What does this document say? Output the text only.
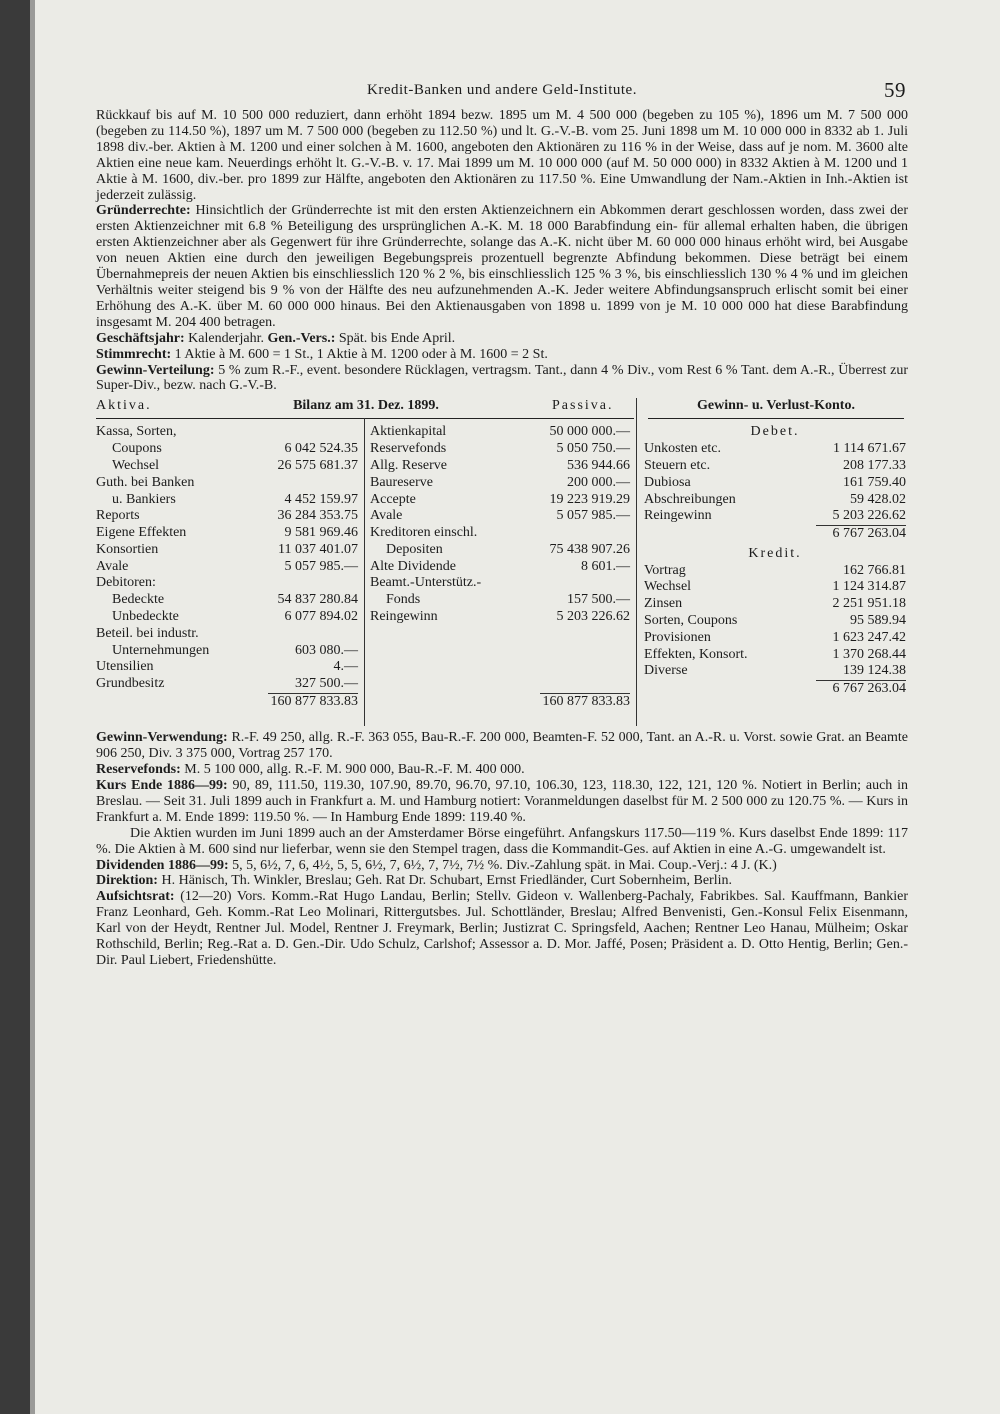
Kredit-Banken und andere Geld-Institute.	59

Rückkauf bis auf M. 10 500 000 reduziert, dann erhöht 1894 bezw. 1895 um M. 4 500 000 (begeben zu 105 %), 1896 um M. 7 500 000 (begeben zu 114.50 %), 1897 um M. 7 500 000 (begeben zu 112.50 %) und lt. G.-V.-B. vom 25. Juni 1898 um M. 10 000 000 in 8332 ab 1. Juli 1898 div.-ber. Aktien à M. 1200 und einer solchen à M. 1600, angeboten den Aktionären zu 116 % in der Weise, dass auf je nom. M. 3600 alte Aktien eine neue kam. Neuerdings erhöht lt. G.-V.-B. v. 17. Mai 1899 um M. 10 000 000 (auf M. 50 000 000) in 8332 Aktien à M. 1200 und 1 Aktie à M. 1600, div.-ber. pro 1899 zur Hälfte, angeboten den Aktionären zu 117.50 %. Eine Umwandlung der Nam.-Aktien in Inh.-Aktien ist jederzeit zulässig.

Gründerrechte: Hinsichtlich der Gründerrechte ist mit den ersten Aktienzeichnern ein Abkommen derart geschlossen worden, dass zwei der ersten Aktienzeichner mit 6.8 % Beteiligung des ursprünglichen A.-K. M. 18 000 Barabfindung ein- für allemal erhalten haben, die übrigen ersten Aktienzeichner aber als Gegenwert für ihre Gründerrechte, solange das A.-K. nicht über M. 60 000 000 hinaus erhöht wird, bei Ausgabe von neuen Aktien eine durch den jeweiligen Begebungspreis prozentuell begrenzte Abfindung bekommen. Diese beträgt bei einem Übernahmepreis der neuen Aktien bis einschliesslich 120 % 2 %, bis einschliesslich 125 % 3 %, bis einschliesslich 130 % 4 % und im gleichen Verhältnis weiter steigend bis 9 % von der Hälfte des neu aufzunehmenden A.-K. Jeder weitere Abfindungsanspruch erlischt somit bei einer Erhöhung des A.-K. über M. 60 000 000 hinaus. Bei den Aktienausgaben von 1898 u. 1899 von je M. 10 000 000 hat diese Barabfindung insgesamt M. 204 400 betragen.

Geschäftsjahr: Kalenderjahr. Gen.-Vers.: Spät. bis Ende April.

Stimmrecht: 1 Aktie à M. 600 = 1 St., 1 Aktie à M. 1200 oder à M. 1600 = 2 St.

Gewinn-Verteilung: 5 % zum R.-F., event. besondere Rücklagen, vertragsm. Tant., dann 4 % Div., vom Rest 6 % Tant. dem A.-R., Überrest zur Super-Div., bezw. nach G.-V.-B.

Aktiva.	Bilanz am 31. Dez. 1899.	Passiva.	Gewinn- u. Verlust-Konto.
Kassa, Sorten,
Coupons	6 042 524.35
Wechsel	26 575 681.37
Guth. bei Banken
u. Bankiers	4 452 159.97
Reports	36 284 353.75
Eigene Effekten	9 581 969.46
Konsortien	11 037 401.07
Avale	5 057 985.—
Debitoren:
Bedeckte	54 837 280.84
Unbedeckte	6 077 894.02
Beteil. bei industr.
Unternehmungen	603 080.—
Utensilien	4.—
Grundbesitz	327 500.—
160 877 833.83
Aktienkapital	50 000 000.—
Reservefonds	5 050 750.—
Allg. Reserve	536 944.66
Baureserve	200 000.—
Accepte	19 223 919.29
Avale	5 057 985.—
Kreditoren einschl.
Depositen	75 438 907.26
Alte Dividende	8 601.—
Beamt.-Unterstütz.-
Fonds	157 500.—
Reingewinn	5 203 226.62
160 877 833.83
Debet.
Unkosten etc.	1 114 671.67
Steuern etc.	208 177.33
Dubiosa	161 759.40
Abschreibungen	59 428.02
Reingewinn	5 203 226.62
6 767 263.04
Kredit.
Vortrag	162 766.81
Wechsel	1 124 314.87
Zinsen	2 251 951.18
Sorten, Coupons	95 589.94
Provisionen	1 623 247.42
Effekten, Konsort.	1 370 268.44
Diverse	139 124.38
6 767 263.04

Gewinn-Verwendung: R.-F. 49 250, allg. R.-F. 363 055, Bau-R.-F. 200 000, Beamten-F. 52 000, Tant. an A.-R. u. Vorst. sowie Grat. an Beamte 906 250, Div. 3 375 000, Vortrag 257 170.

Reservefonds: M. 5 100 000, allg. R.-F. M. 900 000, Bau-R.-F. M. 400 000.

Kurs Ende 1886—99: 90, 89, 111.50, 119.30, 107.90, 89.70, 96.70, 97.10, 106.30, 123, 118.30, 122, 121, 120 %. Notiert in Berlin; auch in Breslau. — Seit 31. Juli 1899 auch in Frankfurt a. M. und Hamburg notiert: Voranmeldungen daselbst für M. 2 500 000 zu 120.75 %. — Kurs in Frankfurt a. M. Ende 1899: 119.50 %. — In Hamburg Ende 1899: 119.40 %.

Die Aktien wurden im Juni 1899 auch an der Amsterdamer Börse eingeführt. Anfangskurs 117.50—119 %. Kurs daselbst Ende 1899: 117 %. Die Aktien à M. 600 sind nur lieferbar, wenn sie den Stempel tragen, dass die Kommandit-Ges. auf Aktien in eine A.-G. umgewandelt ist.

Dividenden 1886—99: 5, 5, 6½, 7, 6, 4½, 5, 5, 6½, 7, 6½, 7, 7½, 7½ %. Div.-Zahlung spät. in Mai. Coup.-Verj.: 4 J. (K.)

Direktion: H. Hänisch, Th. Winkler, Breslau; Geh. Rat Dr. Schubart, Ernst Friedländer, Curt Sobernheim, Berlin.

Aufsichtsrat: (12—20) Vors. Komm.-Rat Hugo Landau, Berlin; Stellv. Gideon v. Wallenberg-Pachaly, Fabrikbes. Sal. Kauffmann, Bankier Franz Leonhard, Geh. Komm.-Rat Leo Molinari, Rittergutsbes. Jul. Schottländer, Breslau; Alfred Benvenisti, Gen.-Konsul Felix Eisenmann, Karl von der Heydt, Rentner Jul. Model, Rentner J. Freymark, Berlin; Justizrat C. Springsfeld, Aachen; Rentner Leo Hanau, Mülheim; Oskar Rothschild, Berlin; Reg.-Rat a. D. Gen.-Dir. Udo Schulz, Carlshof; Assessor a. D. Mor. Jaffé, Posen; Präsident a. D. Otto Hentig, Berlin; Gen.-Dir. Paul Liebert, Friedenshütte.
